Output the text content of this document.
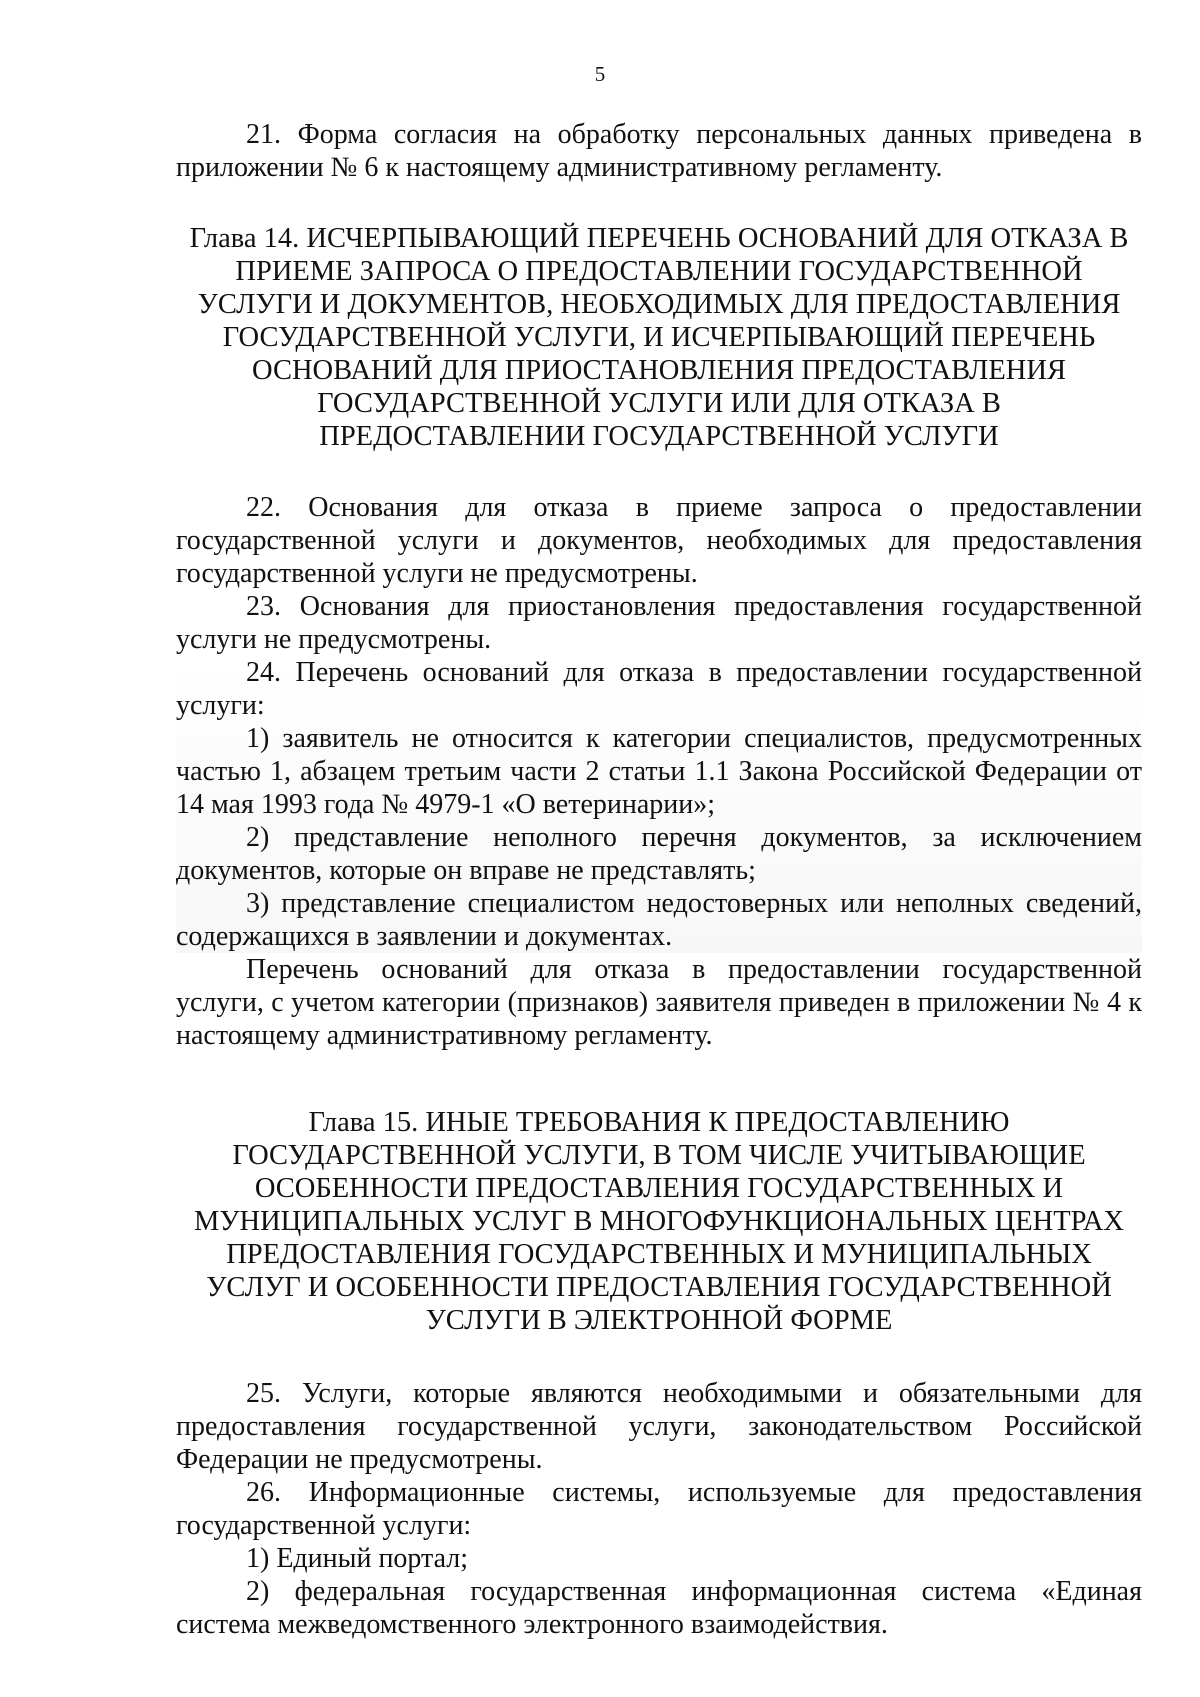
5

21. Форма согласия на обработку персональных данных приведена в приложении № 6 к настоящему административному регламенту.

Глава 14. ИСЧЕРПЫВАЮЩИЙ ПЕРЕЧЕНЬ ОСНОВАНИЙ ДЛЯ ОТКАЗА В ПРИЕМЕ ЗАПРОСА О ПРЕДОСТАВЛЕНИИ ГОСУДАРСТВЕННОЙ УСЛУГИ И ДОКУМЕНТОВ, НЕОБХОДИМЫХ ДЛЯ ПРЕДОСТАВЛЕНИЯ ГОСУДАРСТВЕННОЙ УСЛУГИ, И ИСЧЕРПЫВАЮЩИЙ ПЕРЕЧЕНЬ ОСНОВАНИЙ ДЛЯ ПРИОСТАНОВЛЕНИЯ ПРЕДОСТАВЛЕНИЯ ГОСУДАРСТВЕННОЙ УСЛУГИ ИЛИ ДЛЯ ОТКАЗА В ПРЕДОСТАВЛЕНИИ ГОСУДАРСТВЕННОЙ УСЛУГИ

22. Основания для отказа в приеме запроса о предоставлении государственной услуги и документов, необходимых для предоставления государственной услуги не предусмотрены.

23. Основания для приостановления предоставления государственной услуги не предусмотрены.

24. Перечень оснований для отказа в предоставлении государственной услуги:

1) заявитель не относится к категории специалистов, предусмотренных частью 1, абзацем третьим части 2 статьи 1.1 Закона Российской Федерации от 14 мая 1993 года № 4979-1 «О ветеринарии»;

2) представление неполного перечня документов, за исключением документов, которые он вправе не представлять;

3) представление специалистом недостоверных или неполных сведений, содержащихся в заявлении и документах.

Перечень оснований для отказа в предоставлении государственной услуги, с учетом категории (признаков) заявителя приведен в приложении № 4 к настоящему административному регламенту.

Глава 15. ИНЫЕ ТРЕБОВАНИЯ К ПРЕДОСТАВЛЕНИЮ ГОСУДАРСТВЕННОЙ УСЛУГИ, В ТОМ ЧИСЛЕ УЧИТЫВАЮЩИЕ ОСОБЕННОСТИ ПРЕДОСТАВЛЕНИЯ ГОСУДАРСТВЕННЫХ И МУНИЦИПАЛЬНЫХ УСЛУГ В МНОГОФУНКЦИОНАЛЬНЫХ ЦЕНТРАХ ПРЕДОСТАВЛЕНИЯ ГОСУДАРСТВЕННЫХ И МУНИЦИПАЛЬНЫХ УСЛУГ И ОСОБЕННОСТИ ПРЕДОСТАВЛЕНИЯ ГОСУДАРСТВЕННОЙ УСЛУГИ В ЭЛЕКТРОННОЙ ФОРМЕ

25. Услуги, которые являются необходимыми и обязательными для предоставления государственной услуги, законодательством Российской Федерации не предусмотрены.

26. Информационные системы, используемые для предоставления государственной услуги:

1) Единый портал;

2) федеральная государственная информационная система «Единая система межведомственного электронного взаимодействия.
